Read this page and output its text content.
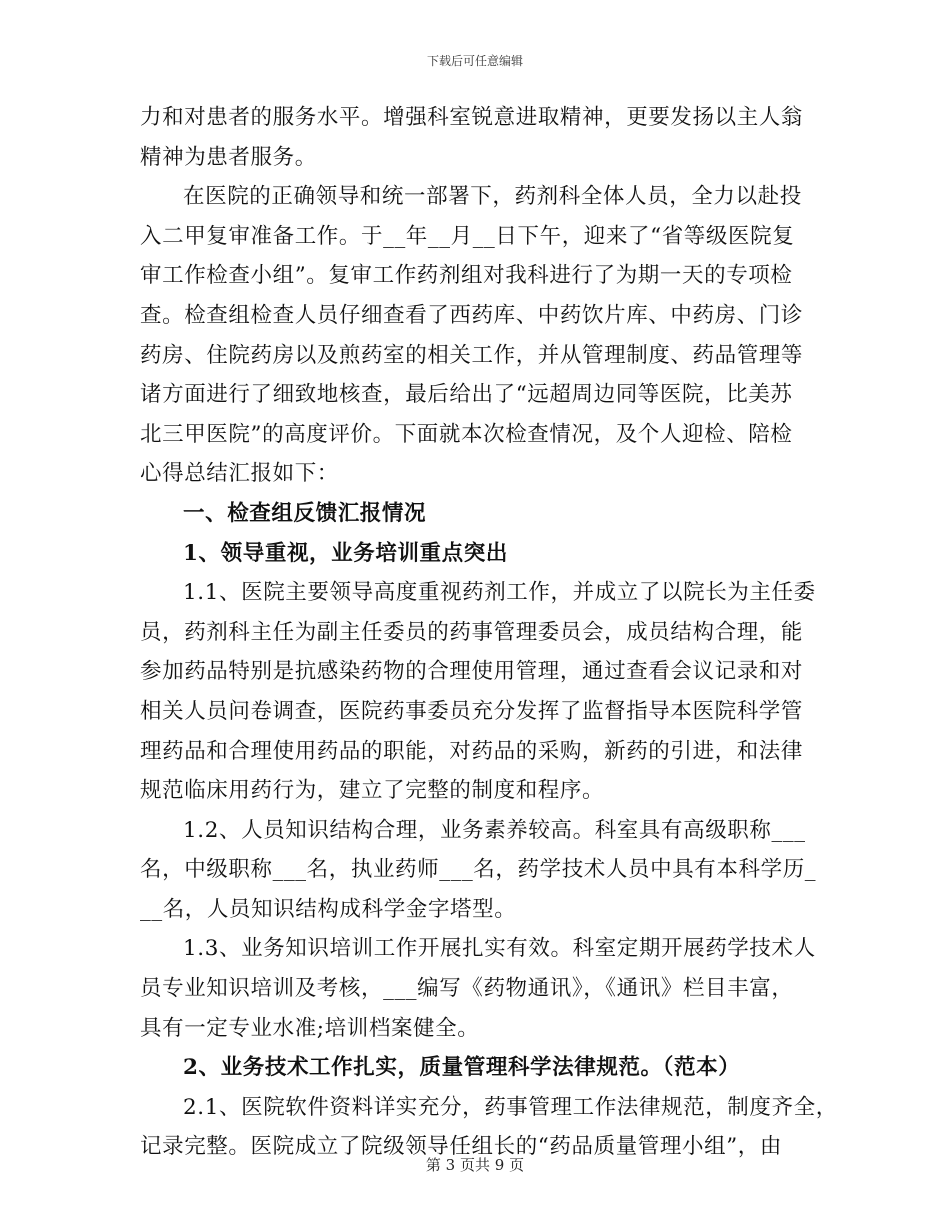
下载后可任意编辑
力和对患者的服务水平。增强科室锐意进取精神，更要发扬以主人翁
精神为患者服务。
在医院的正确领导和统一部署下，药剂科全体人员，全力以赴投
入二甲复审准备工作。于__年__月__日下午，迎来了“省等级医院复
审工作检查小组”。复审工作药剂组对我科进行了为期一天的专项检
查。检查组检查人员仔细查看了西药库、中药饮片库、中药房、门诊
药房、住院药房以及煎药室的相关工作，并从管理制度、药品管理等
诸方面进行了细致地核查，最后给出了“远超周边同等医院，比美苏
北三甲医院”的高度评价。下面就本次检查情况，及个人迎检、陪检
心得总结汇报如下：
一、检查组反馈汇报情况
1、领导重视，业务培训重点突出
1.1、医院主要领导高度重视药剂工作，并成立了以院长为主任委
员，药剂科主任为副主任委员的药事管理委员会，成员结构合理，能
参加药品特别是抗感染药物的合理使用管理，通过查看会议记录和对
相关人员问卷调查，医院药事委员充分发挥了监督指导本医院科学管
理药品和合理使用药品的职能，对药品的采购，新药的引进，和法律
规范临床用药行为，建立了完整的制度和程序。
1.2、人员知识结构合理，业务素养较高。科室具有高级职称___
名，中级职称___名，执业药师___名，药学技术人员中具有本科学历_
__名，人员知识结构成科学金字塔型。
1.3、业务知识培训工作开展扎实有效。科室定期开展药学技术人
员专业知识培训及考核，___编写《药物通讯》，《通讯》栏目丰富，
具有一定专业水准;培训档案健全。
2、业务技术工作扎实，质量管理科学法律规范。（范本）
2.1、医院软件资料详实充分，药事管理工作法律规范，制度齐全，
记录完整。医院成立了院级领导任组长的“药品质量管理小组”，由
第 3 页共 9 页
